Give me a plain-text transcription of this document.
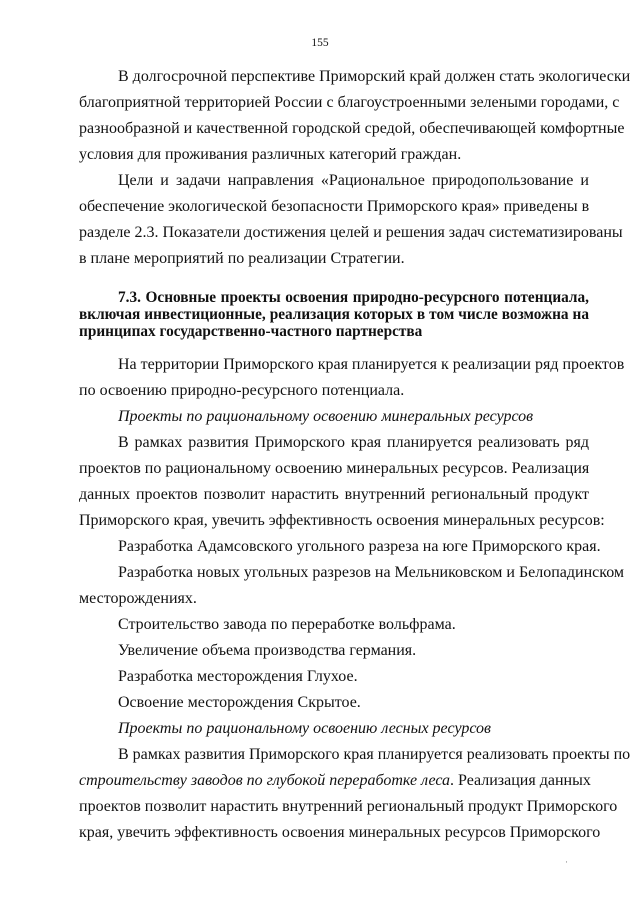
155
В долгосрочной перспективе Приморский край должен стать экологически
благоприятной территорией России с благоустроенными зелеными городами, с
разнообразной и качественной городской средой, обеспечивающей комфортные
условия для проживания различных категорий граждан.
Цели и задачи направления «Рациональное природопользование и
обеспечение экологической безопасности Приморского края» приведены в
разделе 2.3. Показатели достижения целей и решения задач систематизированы
в плане мероприятий по реализации Стратегии.
7.3. Основные проекты освоения природно-ресурсного потенциала,
включая инвестиционные, реализация которых в том числе возможна на
принципах государственно-частного партнерства
На территории Приморского края планируется к реализации ряд проектов
по освоению природно-ресурсного потенциала.
Проекты по рациональному освоению минеральных ресурсов
В рамках развития Приморского края планируется реализовать ряд
проектов по рациональному освоению минеральных ресурсов. Реализация
данных проектов позволит нарастить внутренний региональный продукт
Приморского края, увечить эффективность освоения минеральных ресурсов:
Разработка Адамсовского угольного разреза на юге Приморского края.
Разработка новых угольных разрезов на Мельниковском и Белопадинском
месторождениях.
Строительство завода по переработке вольфрама.
Увеличение объема производства германия.
Разработка месторождения Глухое.
Освоение месторождения Скрытое.
Проекты по рациональному освоению лесных ресурсов
В рамках развития Приморского края планируется реализовать проекты по
строительству заводов по глубокой переработке леса . Реализация данных
проектов позволит нарастить внутренний региональный продукт Приморского
края, увечить эффективность освоения минеральных ресурсов Приморского
·
